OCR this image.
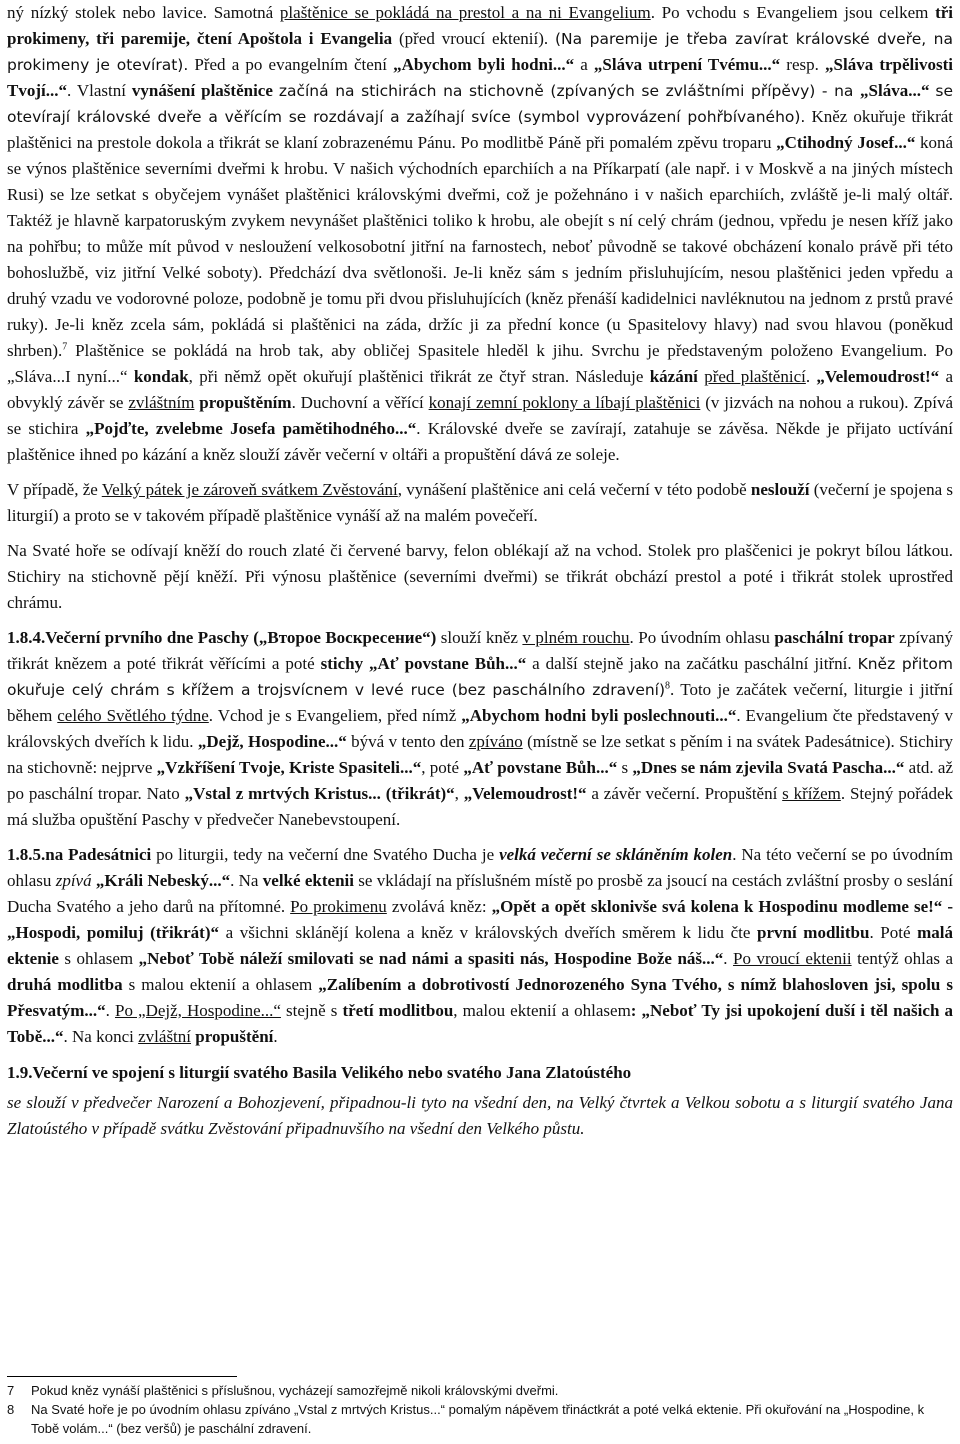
ný nízký stolek nebo lavice. Samotná plaštěnice se pokládá na prestol a na ni Evangelium. Po vchodu s Evangeliem jsou celkem tři prokimeny, tři paremije, čtení Apoštola i Evangelia (před vroucí ektenií). (Na paremije je třeba zavírat královské dveře, na prokimeny je otevírat). Před a po evangelním čtení „Abychom byli hodni...“ a „Sláva utrpení Tvému...“ resp. „Sláva trpělivosti Tvojí...“. Vlastní vynášení plaštěnice začíná na stichirách na stichovně (zpívaných se zvláštními přípěvy) - na „Sláva...“ se otevírají královské dveře a věřícím se rozdávají a zažíhají svíce (symbol vyprovázení pohřbívaného). Kněz okuřuje třikrát plaštěnici na prestole dokola a třikrát se klaní zobrazenému Pánu. Po modlitbě Páně při pomalém zpěvu troparu „Ctihodný Josef...“ koná se výnos plaštěnice severními dveřmi k hrobu. V našich východních eparchiích a na Příkarpatí (ale např. i v Moskvě a na jiných místech Rusi) se lze setkat s obyčejem vynášet plaštěnici královskými dveřmi, což je požehnáno i v našich eparchiích, zvláště je-li malý oltář. Taktéž je hlavně karpatoruským zvykem nevynášet plaštěnici toliko k hrobu, ale obejít s ní celý chrám (jednou, vpředu je nesen kříž jako na pohřbu; to může mít původ v nesloužení velkosobotní jitřní na farnostech, neboť původně se takové obcházení konalo právě při této bohoslužbě, viz jitřní Velké soboty). Předchází dva světlonoši. Je-li kněz sám s jedním přisluhujícím, nesou plaštěnici jeden vpředu a druhý vzadu ve vodorovné poloze, podobně je tomu při dvou přisluhujících (kněz přenáší kadidelnici navléknutou na jednom z prstů pravé ruky). Je-li kněz zcela sám, pokládá si plaštěnici na záda, držíc ji za přední konce (u Spasitelovy hlavy) nad svou hlavou (poněkud shrben).$^7$ Plaštěnice se pokládá na hrob tak, aby obličej Spasitele hleděl k jihu. Svrchu je představeným položeno Evangelium. Po „Sláva...I nyní...“ kondak, při němž opět okuřují plaštěnici třikrát ze čtyř stran. Následuje kázání před plaštěnicí. „Velemoudrost!“ a obvyklý závěr se zvláštním propuštěním. Duchovní a věřící konají zemní poklony a líbají plaštěnici (v jizvách na nohou a rukou). Zpívá se stichira „Pojďte, zvelebme Josefa pamětihodného...“. Královské dveře se zavírají, zatahuje se závěsa. Někde je přijato uctívání plaštěnice ihned po kázání a kněz slouží závěr večerní v oltáři a propuštění dává ze soleje.

V případě, že Velký pátek je zároveň svátkem Zvěstování, vynášení plaštěnice ani celá večerní v této podobě neslouží (večerní je spojena s liturgií) a proto se v takovém případě plaštěnice vynáší až na malém povečeří.

Na Svaté hoře se odívají kněží do rouch zlaté či červené barvy, felon oblékají až na vchod. Stolek pro plaščenici je pokryt bílou látkou. Stichiry na stichovně pějí kněží. Při výnosu plaštěnice (severními dveřmi) se třikrát obchází prestol a poté i třikrát stolek uprostřed chrámu.

1.8.4.Večerní prvního dne Paschy („Второе Воскресение“) slouží kněz v plném rouchu. Po úvodním ohlasu paschální tropar zpívaný třikrát knězem a poté třikrát věřícími a poté stichy „Ať povstane Bůh...“ a další stejně jako na začátku paschální jitřní. Kněz přitom okuřuje celý chrám s křížem a trojsvícnem v levé ruce (bez paschálního zdravení)$^8$. Toto je začátek večerní, liturgie i jitřní během celého Světlého týdne. Vchod je s Evangeliem, před nímž „Abychom hodni byli poslechnouti...“. Evangelium čte představený v královských dveřích k lidu. „Dejž, Hospodine...“ bývá v tento den zpíváno (místně se lze setkat s pěním i na svátek Padesátnice). Stichiry na stichovně: nejprve „Vzkříšení Tvoje, Kriste Spasiteli...“, poté „Ať povstane Bůh...“ s „Dnes se nám zjevila Svatá Pascha...“ atd. až po paschální tropar. Nato „Vstal z mrtvých Kristus... (třikrát)“, „Velemoudrost!“ a závěr večerní. Propuštění s křížem. Stejný pořádek má služba opuštění Paschy v předvečer Nanebevstoupení.

1.8.5.na Padesátnici po liturgii, tedy na večerní dne Svatého Ducha je velká večerní se skláněním kolen. Na této večerní se po úvodním ohlasu zpívá „Králi Nebeský...“. Na velké ektenii se vkládají na příslušném místě po prosbě za jsoucí na cestách zvláštní prosby o seslání Ducha Svatého a jeho darů na přítomné. Po prokimenu zvolává kněz: „Opět a opět sklonivše svá kolena k Hospodinu modleme se!“ - „Hospodi, pomiluj (třikrát)“ a všichni sklánějí kolena a kněz v královských dveřích směrem k lidu čte první modlitbu. Poté malá ektenie s ohlasem „Neboť Tobě náleží smilovati se nad námi a spasiti nás, Hospodine Bože náš...“. Po vroucí ektenii tentýž ohlas a druhá modlitba s malou ektenií a ohlasem „Zalíbením a dobrotivostí Jednorozeného Syna Tvého, s nímž blahosloven jsi, spolu s Přesvatým...“. Po „Dejž, Hospodine...“ stejně s třetí modlitbou, malou ektenií a ohlasem: „Neboť Ty jsi upokojení duší i těl našich a Tobě...“. Na konci zvláštní propuštění.

1.9.Večerní ve spojení s liturgií svatého Basila Velikého nebo svatého Jana Zlatoústého

se slouží v předvečer Narození a Bohozjevení, připadnou-li tyto na všední den, na Velký čtvrtek a Velkou sobotu a s liturgií svatého Jana Zlatoústého v případě svátku Zvěstování připadnuvšího na všední den Velkého půstu.

7	Pokud kněz vynáší plaštěnici s příslušnou, vycházejí samozřejmě nikoli královskými dveřmi.
8	Na Svaté hoře je po úvodním ohlasu zpíváno „Vstal z mrtvých Kristus...“ pomalým nápěvem třináctkrát a poté velká ektenie. Při okuřování na „Hospodine, k Tobě volám...“ (bez veršů) je paschální zdravení.
